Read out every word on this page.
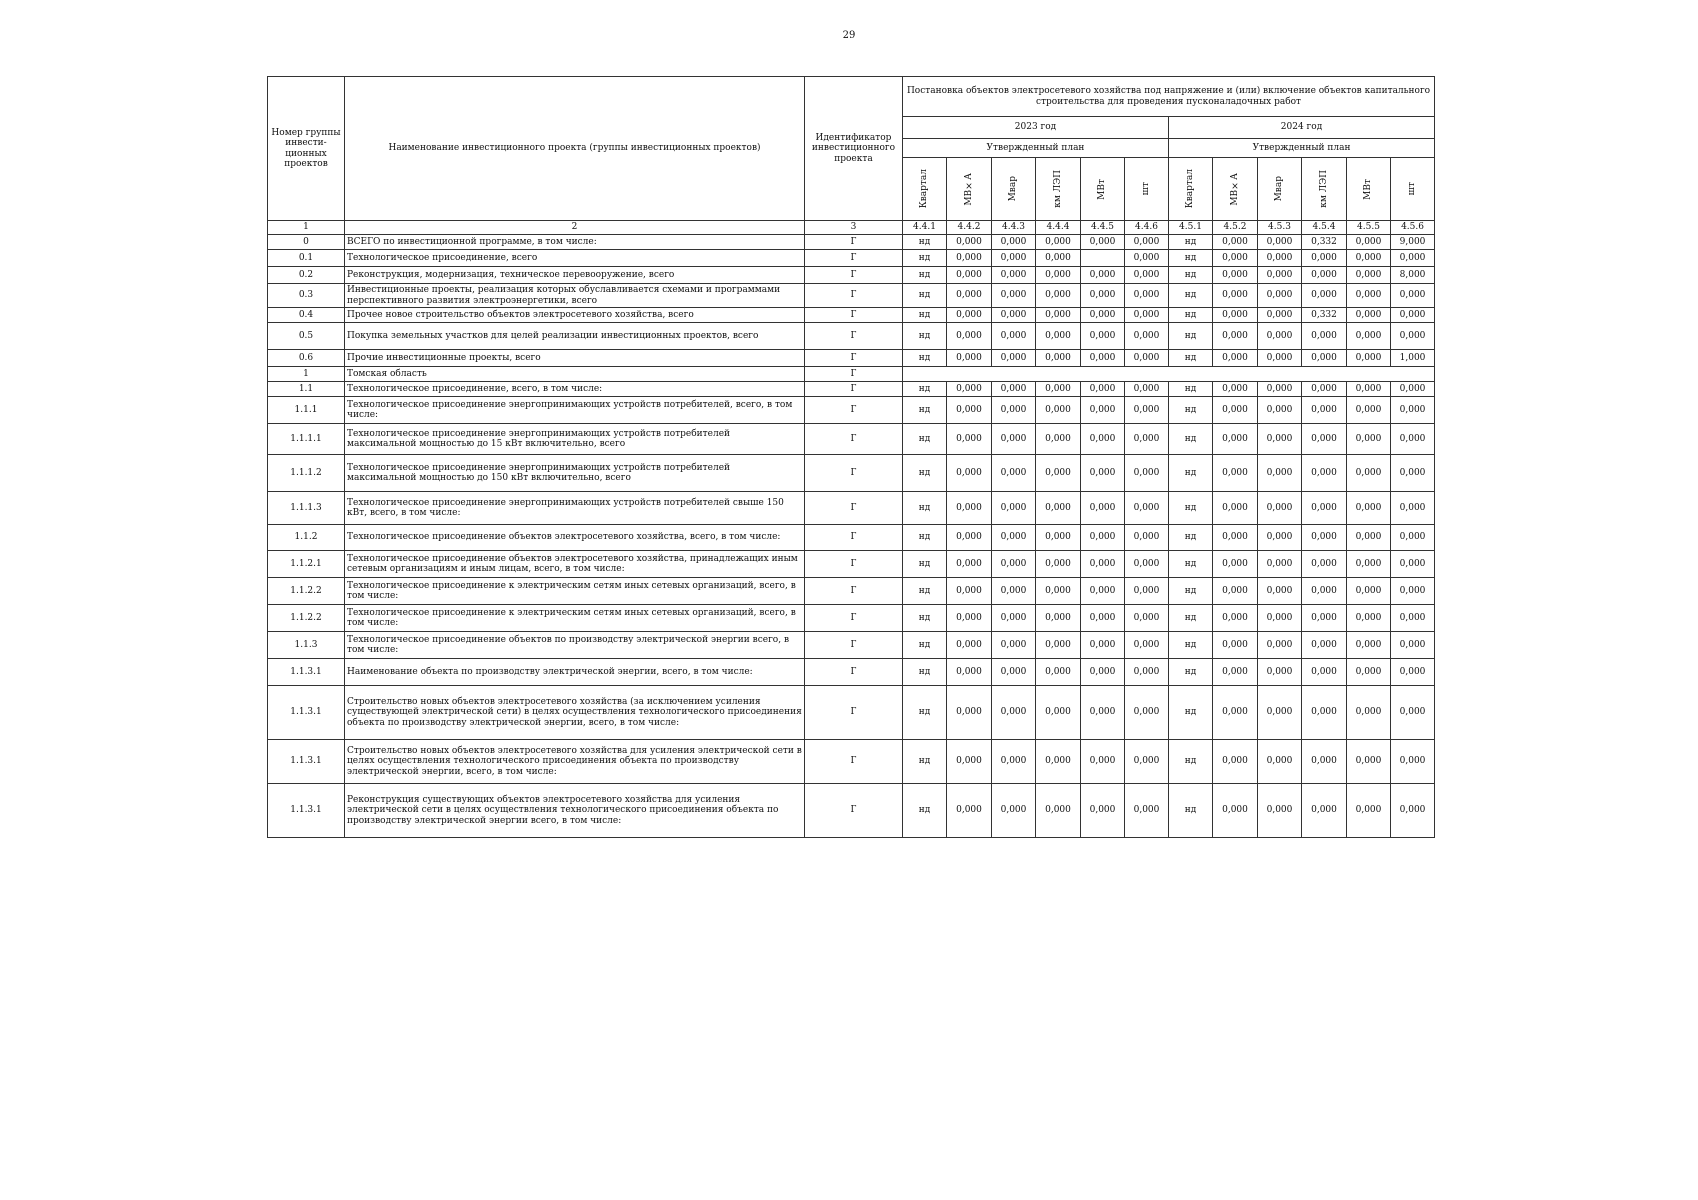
29
Номер группы инвести-ционных проектов	Наименование инвестиционного проекта (группы инвестиционных проектов)	Идентификатор инвестиционного проекта	Постановка объектов электросетевого хозяйства под напряжение и (или) включение объектов капитального строительства для проведения пусконаладочных работ											
			2023 год						2024 год					
			Утвержденный план						Утвержденный план					

			Квартал	МВ×А	Мвар	км ЛЭП	МВт	шт	Квартал	МВ×А	Мвар	км ЛЭП	МВт	шт

1	2	3	4.4.1	4.4.2	4.4.3	4.4.4	4.4.5	4.4.6	4.5.1	4.5.2	4.5.3	4.5.4	4.5.5	4.5.6
0	ВСЕГО по инвестиционной программе, в том числе:	Г	нд	0,000	0,000	0,000	0,000	0,000	нд	0,000	0,000	0,332	0,000	9,000
0.1	Технологическое присоединение, всего	Г	нд	0,000	0,000	0,000		0,000	нд	0,000	0,000	0,000	0,000	0,000
0.2	Реконструкция, модернизация, техническое перевооружение, всего	Г	нд	0,000	0,000	0,000	0,000	0,000	нд	0,000	0,000	0,000	0,000	8,000
0.3	Инвестиционные проекты, реализация которых обуславливается схемами и программами перспективного развития электроэнергетики, всего	Г	нд	0,000	0,000	0,000	0,000	0,000	нд	0,000	0,000	0,000	0,000	0,000
0.4	Прочее новое строительство объектов электросетевого хозяйства, всего	Г	нд	0,000	0,000	0,000	0,000	0,000	нд	0,000	0,000	0,332	0,000	0,000
0.5	Покупка земельных участков для целей реализации инвестиционных проектов, всего	Г	нд	0,000	0,000	0,000	0,000	0,000	нд	0,000	0,000	0,000	0,000	0,000
0.6	Прочие инвестиционные проекты, всего	Г	нд	0,000	0,000	0,000	0,000	0,000	нд	0,000	0,000	0,000	0,000	1,000
1	Томская область	Г												
1.1	Технологическое присоединение, всего, в том числе:	Г	нд	0,000	0,000	0,000	0,000	0,000	нд	0,000	0,000	0,000	0,000	0,000
1.1.1	Технологическое присоединение энергопринимающих устройств потребителей, всего, в том числе:	Г	нд	0,000	0,000	0,000	0,000	0,000	нд	0,000	0,000	0,000	0,000	0,000
1.1.1.1	Технологическое присоединение энергопринимающих устройств потребителей максимальной мощностью до 15 кВт включительно, всего	Г	нд	0,000	0,000	0,000	0,000	0,000	нд	0,000	0,000	0,000	0,000	0,000
1.1.1.2	Технологическое присоединение энергопринимающих устройств потребителей максимальной мощностью до 150 кВт включительно, всего	Г	нд	0,000	0,000	0,000	0,000	0,000	нд	0,000	0,000	0,000	0,000	0,000
1.1.1.3	Технологическое присоединение энергопринимающих устройств потребителей свыше 150 кВт, всего, в том числе:	Г	нд	0,000	0,000	0,000	0,000	0,000	нд	0,000	0,000	0,000	0,000	0,000
1.1.2	Технологическое присоединение объектов электросетевого хозяйства, всего, в том числе:	Г	нд	0,000	0,000	0,000	0,000	0,000	нд	0,000	0,000	0,000	0,000	0,000
1.1.2.1	Технологическое присоединение объектов электросетевого хозяйства, принадлежащих иным сетевым организациям и иным лицам, всего, в том числе:	Г	нд	0,000	0,000	0,000	0,000	0,000	нд	0,000	0,000	0,000	0,000	0,000
1.1.2.2	Технологическое присоединение к электрическим сетям иных сетевых организаций, всего, в том числе:	Г	нд	0,000	0,000	0,000	0,000	0,000	нд	0,000	0,000	0,000	0,000	0,000
1.1.2.2	Технологическое присоединение к электрическим сетям иных сетевых организаций, всего, в том числе:	Г	нд	0,000	0,000	0,000	0,000	0,000	нд	0,000	0,000	0,000	0,000	0,000
1.1.3	Технологическое присоединение объектов по производству электрической энергии всего, в том числе:	Г	нд	0,000	0,000	0,000	0,000	0,000	нд	0,000	0,000	0,000	0,000	0,000
1.1.3.1	Наименование объекта по производству электрической энергии, всего, в том числе:	Г	нд	0,000	0,000	0,000	0,000	0,000	нд	0,000	0,000	0,000	0,000	0,000
1.1.3.1	Строительство новых объектов электросетевого хозяйства (за исключением усиления существующей электрической сети) в целях осуществления технологического присоединения объекта по производству электрической энергии, всего, в том числе:	Г	нд	0,000	0,000	0,000	0,000	0,000	нд	0,000	0,000	0,000	0,000	0,000
1.1.3.1	Строительство новых объектов электросетевого хозяйства для усиления электрической сети в целях осуществления технологического присоединения объекта по производству электрической энергии, всего, в том числе:	Г	нд	0,000	0,000	0,000	0,000	0,000	нд	0,000	0,000	0,000	0,000	0,000
1.1.3.1	Реконструкция существующих объектов электросетевого хозяйства для усиления электрической сети в целях осуществления технологического присоединения объекта по производству электрической энергии всего, в том числе:	Г	нд	0,000	0,000	0,000	0,000	0,000	нд	0,000	0,000	0,000	0,000	0,000
